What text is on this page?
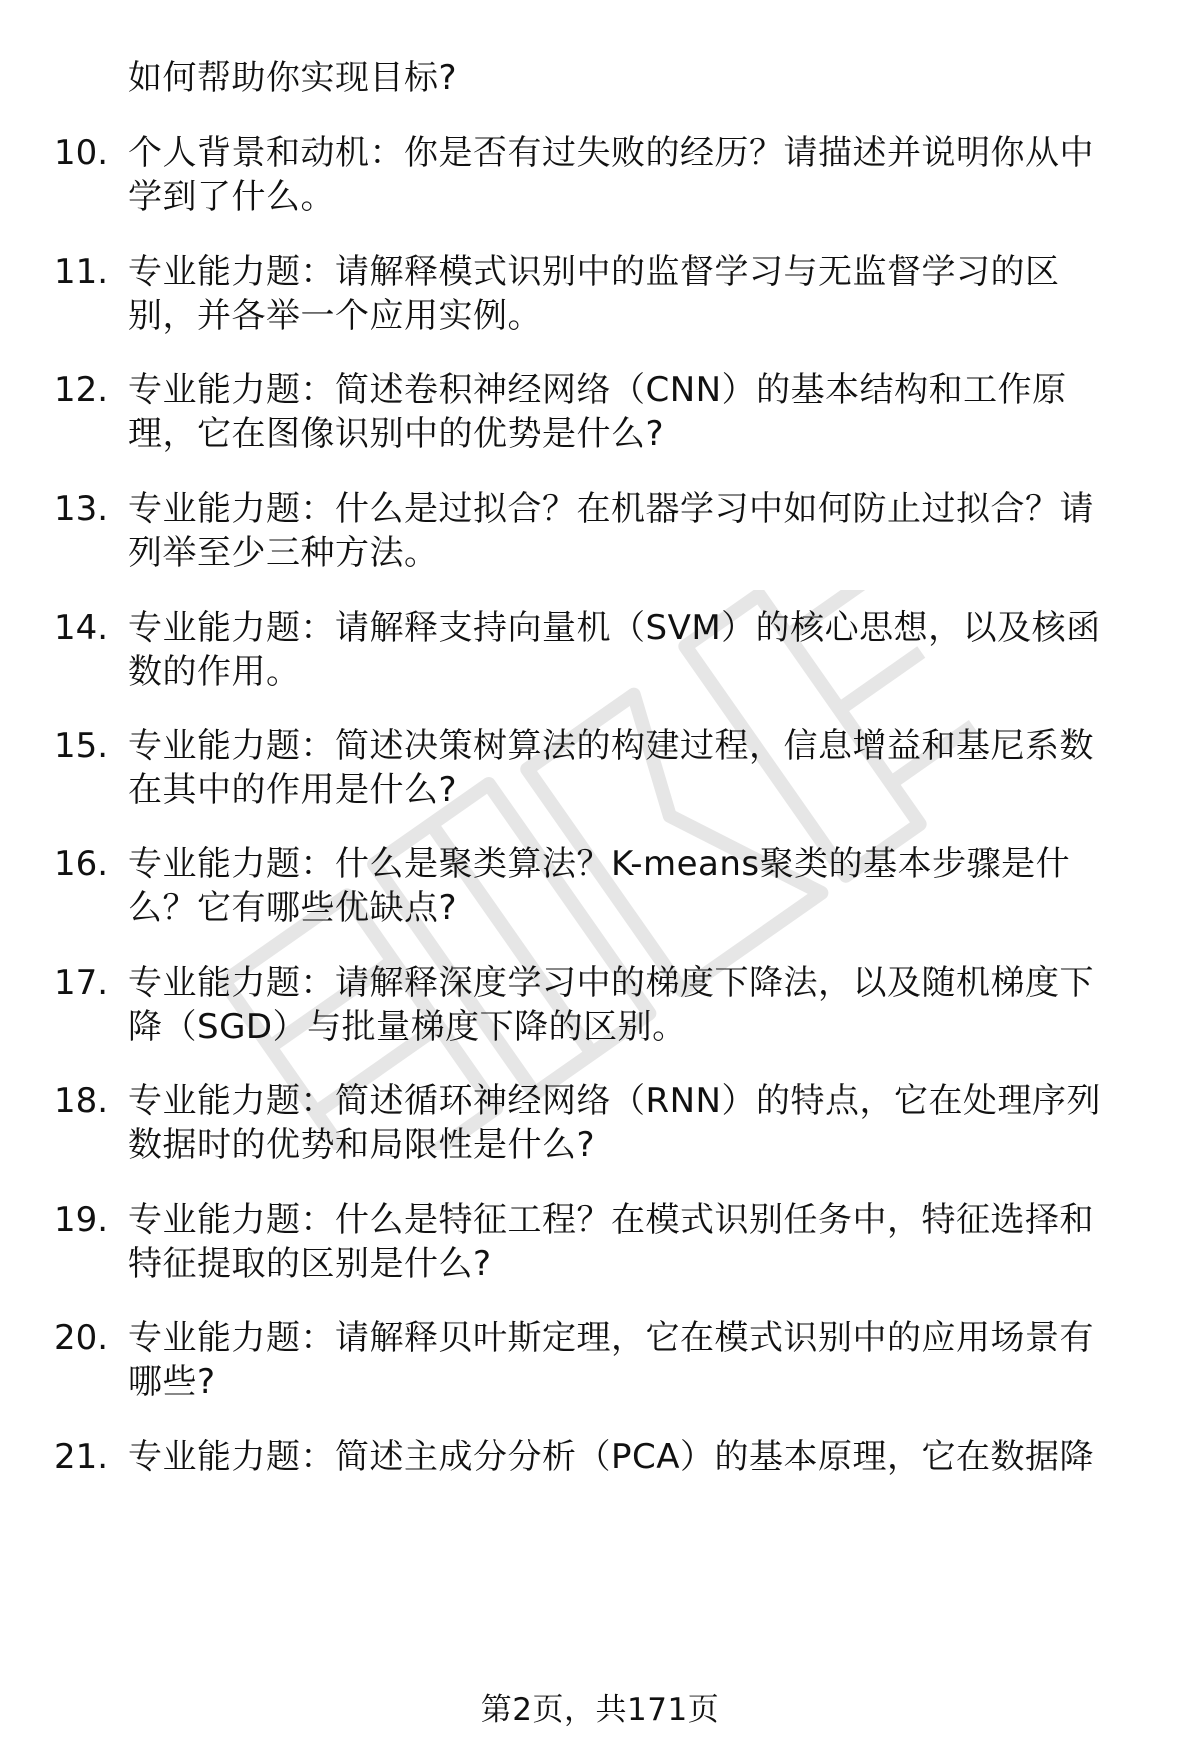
如何帮助你实现目标?
10. 个人背景和动机：你是否有过失败的经历？请描述并说明你从中
学到了什么。
11. 专业能力题：请解释模式识别中的监督学习与无监督学习的区
别，并各举一个应用实例。
12. 专业能力题：简述卷积神经网络（CNN）的基本结构和工作原
理，它在图像识别中的优势是什么?
13. 专业能力题：什么是过拟合？在机器学习中如何防止过拟合？请
列举至少三种方法。
14. 专业能力题：请解释支持向量机（SVM）的核心思想，以及核函
数的作用。
15. 专业能力题：简述决策树算法的构建过程，信息增益和基尼系数
在其中的作用是什么?
16. 专业能力题：什么是聚类算法？K-means聚类的基本步骤是什
么？它有哪些优缺点?
17. 专业能力题：请解释深度学习中的梯度下降法，以及随机梯度下
降（SGD）与批量梯度下降的区别。
18. 专业能力题：简述循环神经网络（RNN）的特点，它在处理序列
数据时的优势和局限性是什么?
19. 专业能力题：什么是特征工程？在模式识别任务中，特征选择和
特征提取的区别是什么?
20. 专业能力题：请解释贝叶斯定理，它在模式识别中的应用场景有
哪些?
21. 专业能力题：简述主成分分析（PCA）的基本原理，它在数据降
第2页，共171页
